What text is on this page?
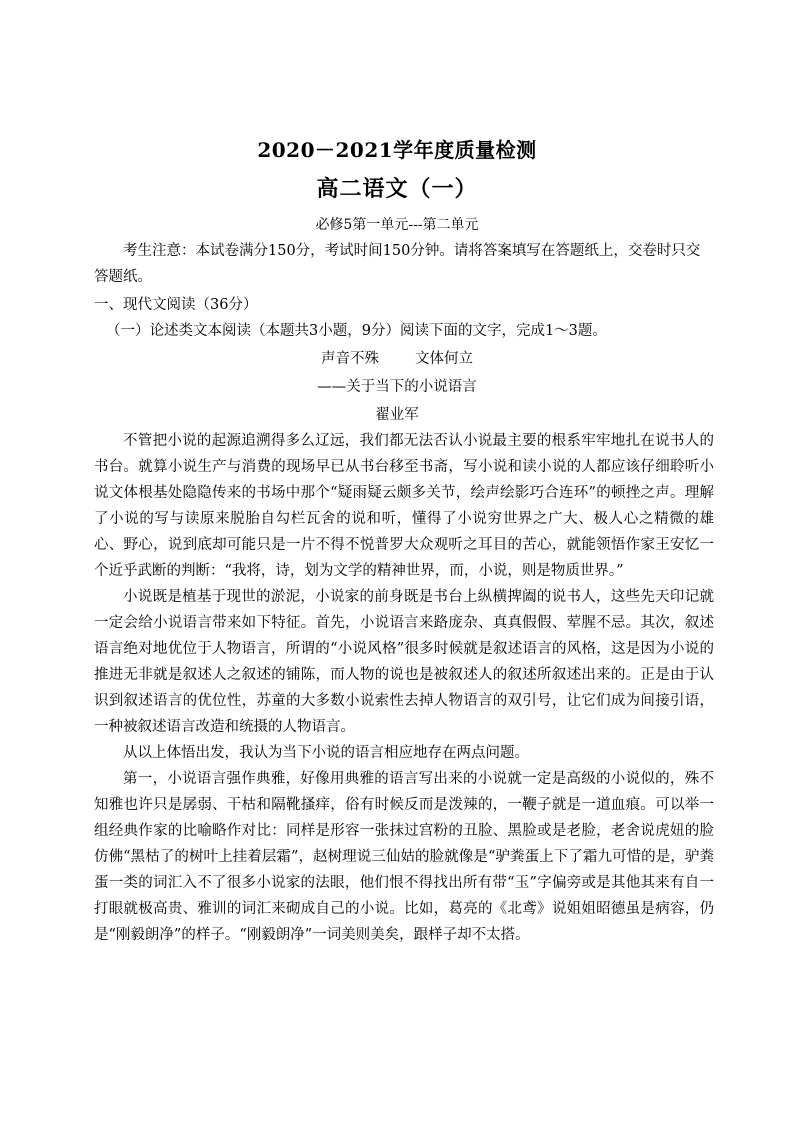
2020－2021学年度质量检测
高二语文（一）
必修5第一单元---第二单元
考生注意：本试卷满分150分，考试时间150分钟。请将答案填写在答题纸上，交卷时只交答题纸。
一、现代文阅读（36分）
（一）论述类文本阅读（本题共3小题，9分）阅读下面的文字，完成1～3题。
声音不殊 文体何立
——关于当下的小说语言
翟业军

不管把小说的起源追溯得多么辽远，我们都无法否认小说最主要的根系牢牢地扎在说书人的书台。就算小说生产与消费的现场早已从书台移至书斋，写小说和读小说的人都应该仔细聆听小说文体根基处隐隐传来的书场中那个“疑雨疑云颇多关节，绘声绘影巧合连环”的顿挫之声。理解了小说的写与读原来脱胎自勾栏瓦舍的说和听，懂得了小说穷世界之广大、极人心之精微的雄心、野心，说到底却可能只是一片不得不悦普罗大众观听之耳目的苦心，就能领悟作家王安忆一个近乎武断的判断：“我将，诗，划为文学的精神世界，而，小说，则是物质世界。”

小说既是植基于现世的淤泥，小说家的前身既是书台上纵横捭阖的说书人，这些先天印记就一定会给小说语言带来如下特征。首先，小说语言来路庞杂、真真假假、荤腥不忌。其次，叙述语言绝对地优位于人物语言，所谓的“小说风格”很多时候就是叙述语言的风格，这是因为小说的推进无非就是叙述人之叙述的铺陈，而人物的说也是被叙述人的叙述所叙述出来的。正是由于认识到叙述语言的优位性，苏童的大多数小说索性去掉人物语言的双引号，让它们成为间接引语，一种被叙述语言改造和统摄的人物语言。

从以上体悟出发，我认为当下小说的语言相应地存在两点问题。

第一，小说语言强作典雅，好像用典雅的语言写出来的小说就一定是高级的小说似的，殊不知雅也许只是孱弱、干枯和隔靴搔痒，俗有时候反而是泼辣的，一鞭子就是一道血痕。可以举一组经典作家的比喻略作对比：同样是形容一张抹过宫粉的丑脸、黑脸或是老脸，老舍说虎妞的脸仿佛“黑枯了的树叶上挂着层霜”，赵树理说三仙姑的脸就像是“驴粪蛋上下了霜九可惜的是，驴粪蛋一类的词汇入不了很多小说家的法眼，他们恨不得找出所有带“玉”字偏旁或是其他其来有自一打眼就极高贵、雅训的词汇来砌成自己的小说。比如，葛亮的《北鸢》说姐姐昭德虽是病容，仍是“刚毅朗净”的样子。“刚毅朗净”一词美则美矣，跟样子却不太搭。
